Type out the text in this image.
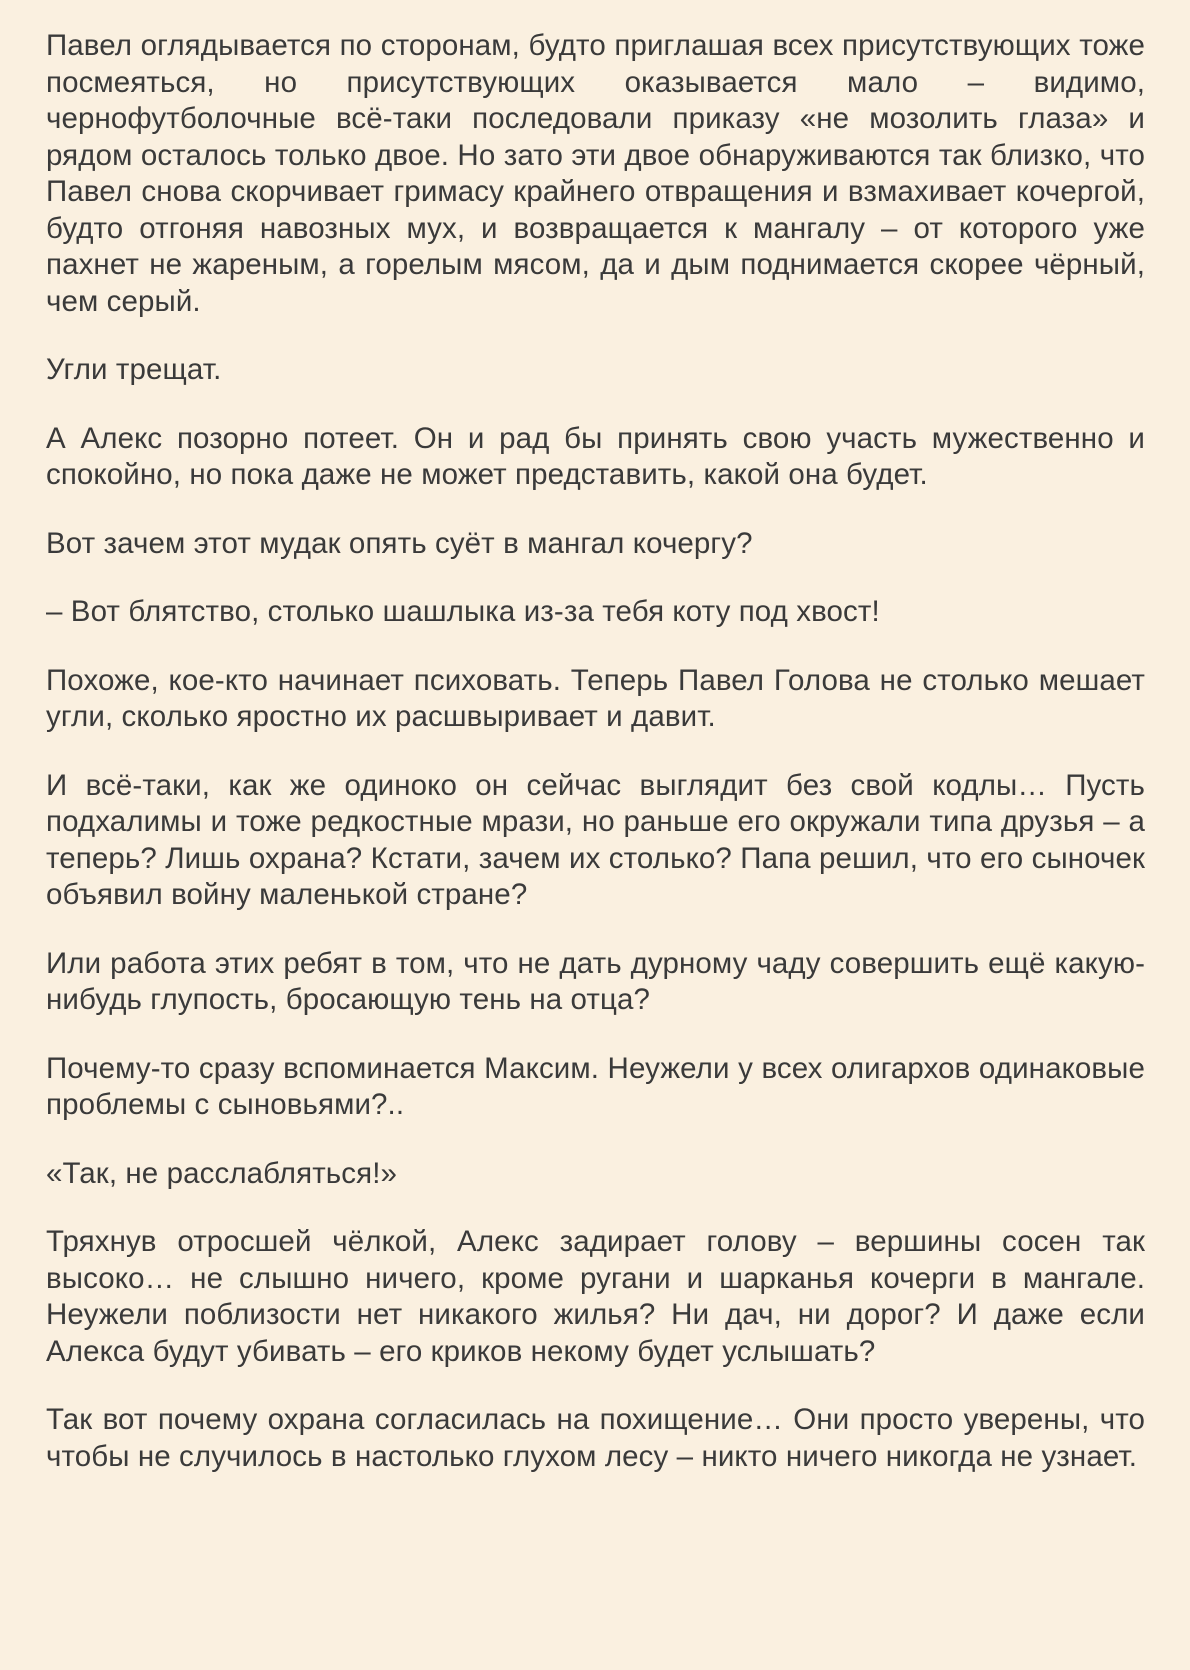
Павел оглядывается по сторонам, будто приглашая всех присутствующих тоже посмеяться, но присутствующих оказывается мало – видимо, чернофутболочные всё-таки последовали приказу «не мозолить глаза» и рядом осталось только двое. Но зато эти двое обнаруживаются так близко, что Павел снова скорчивает гримасу крайнего отвращения и взмахивает кочергой, будто отгоняя навозных мух, и возвращается к мангалу – от которого уже пахнет не жареным, а горелым мясом, да и дым поднимается скорее чёрный, чем серый.

Угли трещат.

А Алекс позорно потеет. Он и рад бы принять свою участь мужественно и спокойно, но пока даже не может представить, какой она будет.

Вот зачем этот мудак опять суёт в мангал кочергу?

– Вот блятство, столько шашлыка из-за тебя коту под хвост!

Похоже, кое-кто начинает психовать. Теперь Павел Голова не столько мешает угли, сколько яростно их расшвыривает и давит.

И всё-таки, как же одиноко он сейчас выглядит без свой кодлы… Пусть подхалимы и тоже редкостные мрази, но раньше его окружали типа друзья – а теперь? Лишь охрана? Кстати, зачем их столько? Папа решил, что его сыночек объявил войну маленькой стране?

Или работа этих ребят в том, что не дать дурному чаду совершить ещё какую-нибудь глупость, бросающую тень на отца?

Почему-то сразу вспоминается Максим. Неужели у всех олигархов одинаковые проблемы с сыновьями?..

«Так, не расслабляться!»

Тряхнув отросшей чёлкой, Алекс задирает голову – вершины сосен так высоко… не слышно ничего, кроме ругани и шарканья кочерги в мангале. Неужели поблизости нет никакого жилья? Ни дач, ни дорог? И даже если Алекса будут убивать – его криков некому будет услышать?

Так вот почему охрана согласилась на похищение… Они просто уверены, что чтобы не случилось в настолько глухом лесу – никто ничего никогда не узнает.
